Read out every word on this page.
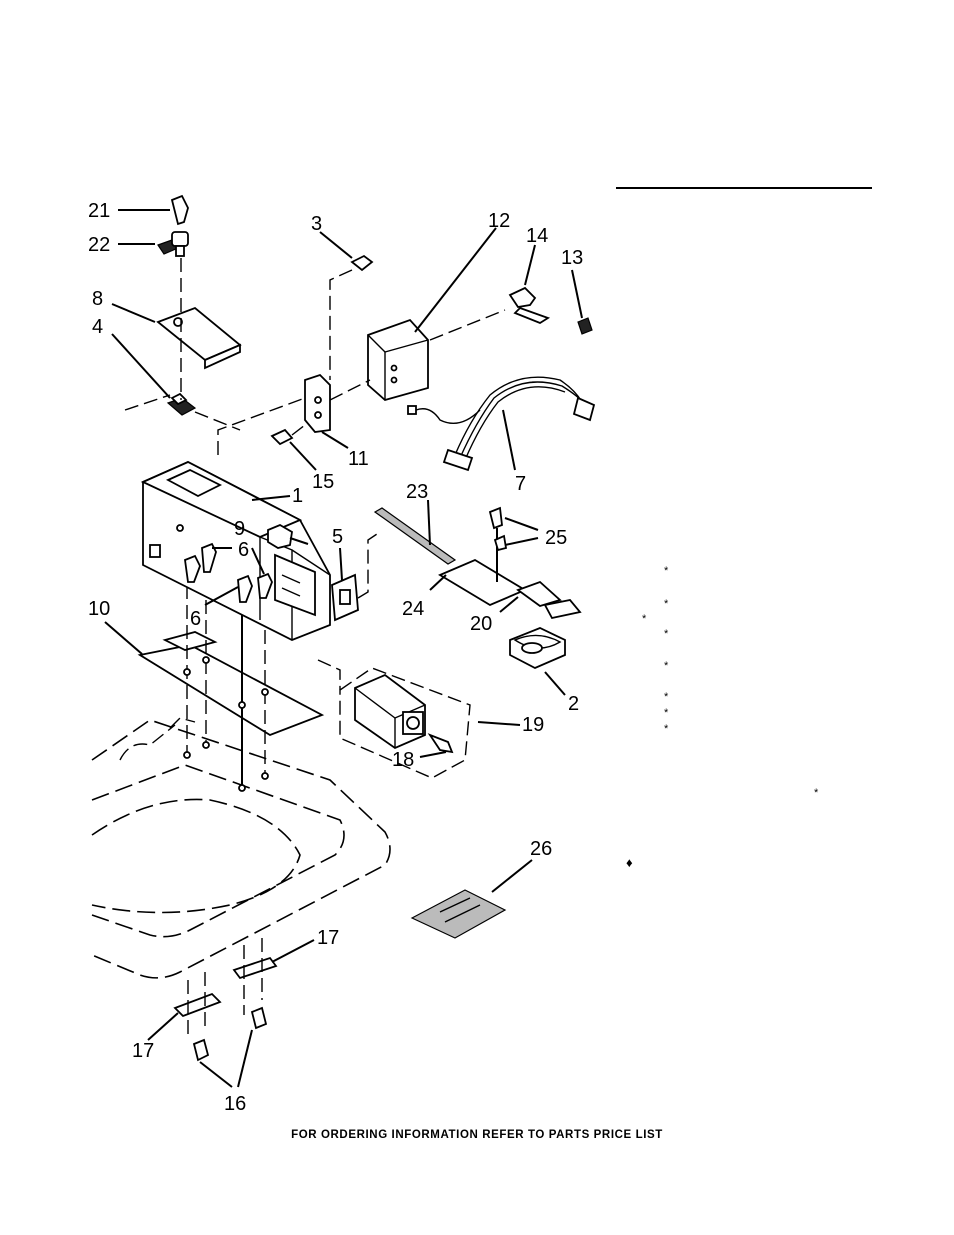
21
22
8
4
3	12
14
13
11
15
1
7
23
25
9	5
6
6	24
20
10
2
19
18
26
17
17
16
*
*
*
*
*
*
*
*
*
♦
FOR ORDERING INFORMATION REFER TO PARTS PRICE LIST
